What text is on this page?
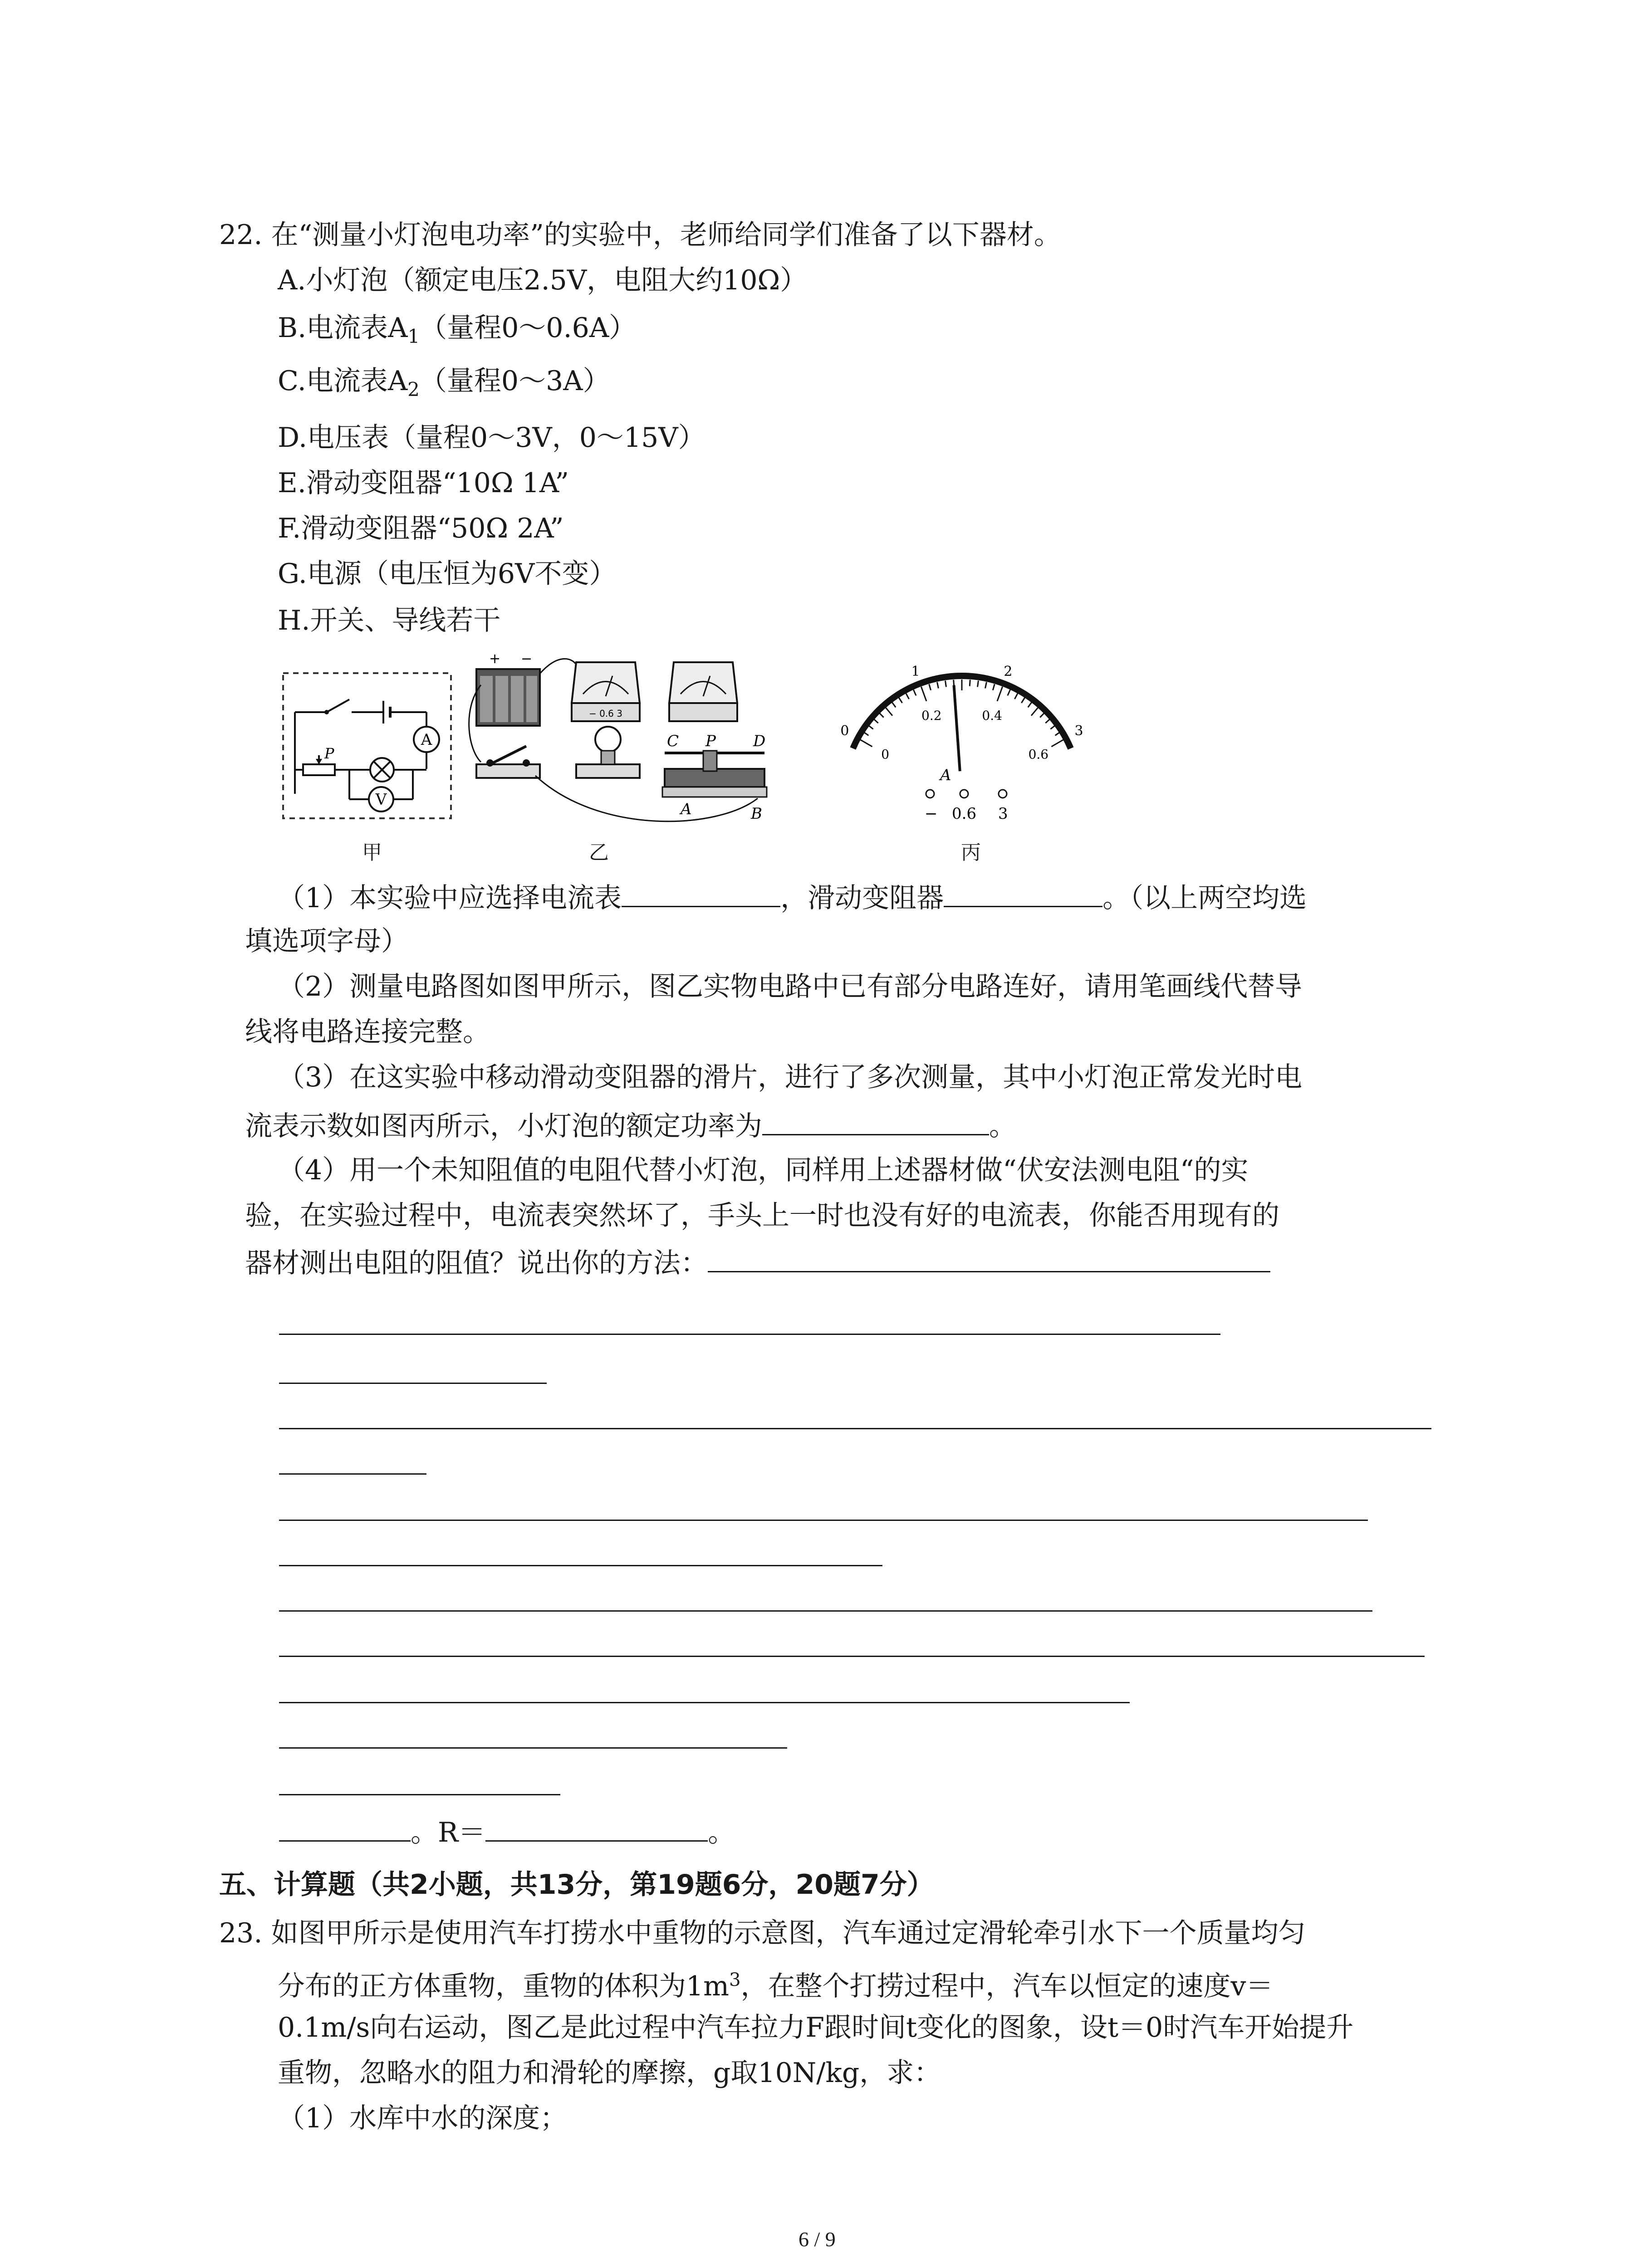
22. 在“测量小灯泡电功率”的实验中，老师给同学们准备了以下器材。
A.小灯泡（额定电压2.5V，电阻大约10Ω）
B.电流表$A_1$（量程0～0.6A）
C.电流表$A_2$（量程0～3A）
D.电压表（量程0～3V，0～15V）
E.滑动变阻器“10Ω 1A”
F.滑动变阻器“50Ω 2A”
G.电源（电压恒为6V不变）
H.开关、导线若干
A
V
P
甲
+ −
− 0.6 3
C P D
A	B
乙
0
1	2
3
0
0.2	0.4
0.6
A
− 0.6 3
丙
（1）本实验中应选择电流表	，滑动变阻器	。（以上两空均选
填选项字母）
（2）测量电路图如图甲所示，图乙实物电路中已有部分电路连好，请用笔画线代替导
线将电路连接完整。
（3）在这实验中移动滑动变阻器的滑片，进行了多次测量，其中小灯泡正常发光时电
流表示数如图丙所示，小灯泡的额定功率为	。
（4）用一个未知阻值的电阻代替小灯泡，同样用上述器材做“伏安法测电阻“的实
验，在实验过程中，电流表突然坏了，手头上一时也没有好的电流表，你能否用现有的
器材测出电阻的阻值？说出你的方法：
。R＝	。
五、计算题（共2小题，共13分，第19题6分，20题7分）
23. 如图甲所示是使用汽车打捞水中重物的示意图，汽车通过定滑轮牵引水下一个质量均匀
分布的正方体重物，重物的体积为$1m^3$，在整个打捞过程中，汽车以恒定的速度v＝
0.1m/s向右运动，图乙是此过程中汽车拉力F跟时间t变化的图象，设t＝0时汽车开始提升
重物，忽略水的阻力和滑轮的摩擦，g取10N/kg，求：
（1）水库中水的深度；
6 / 9
